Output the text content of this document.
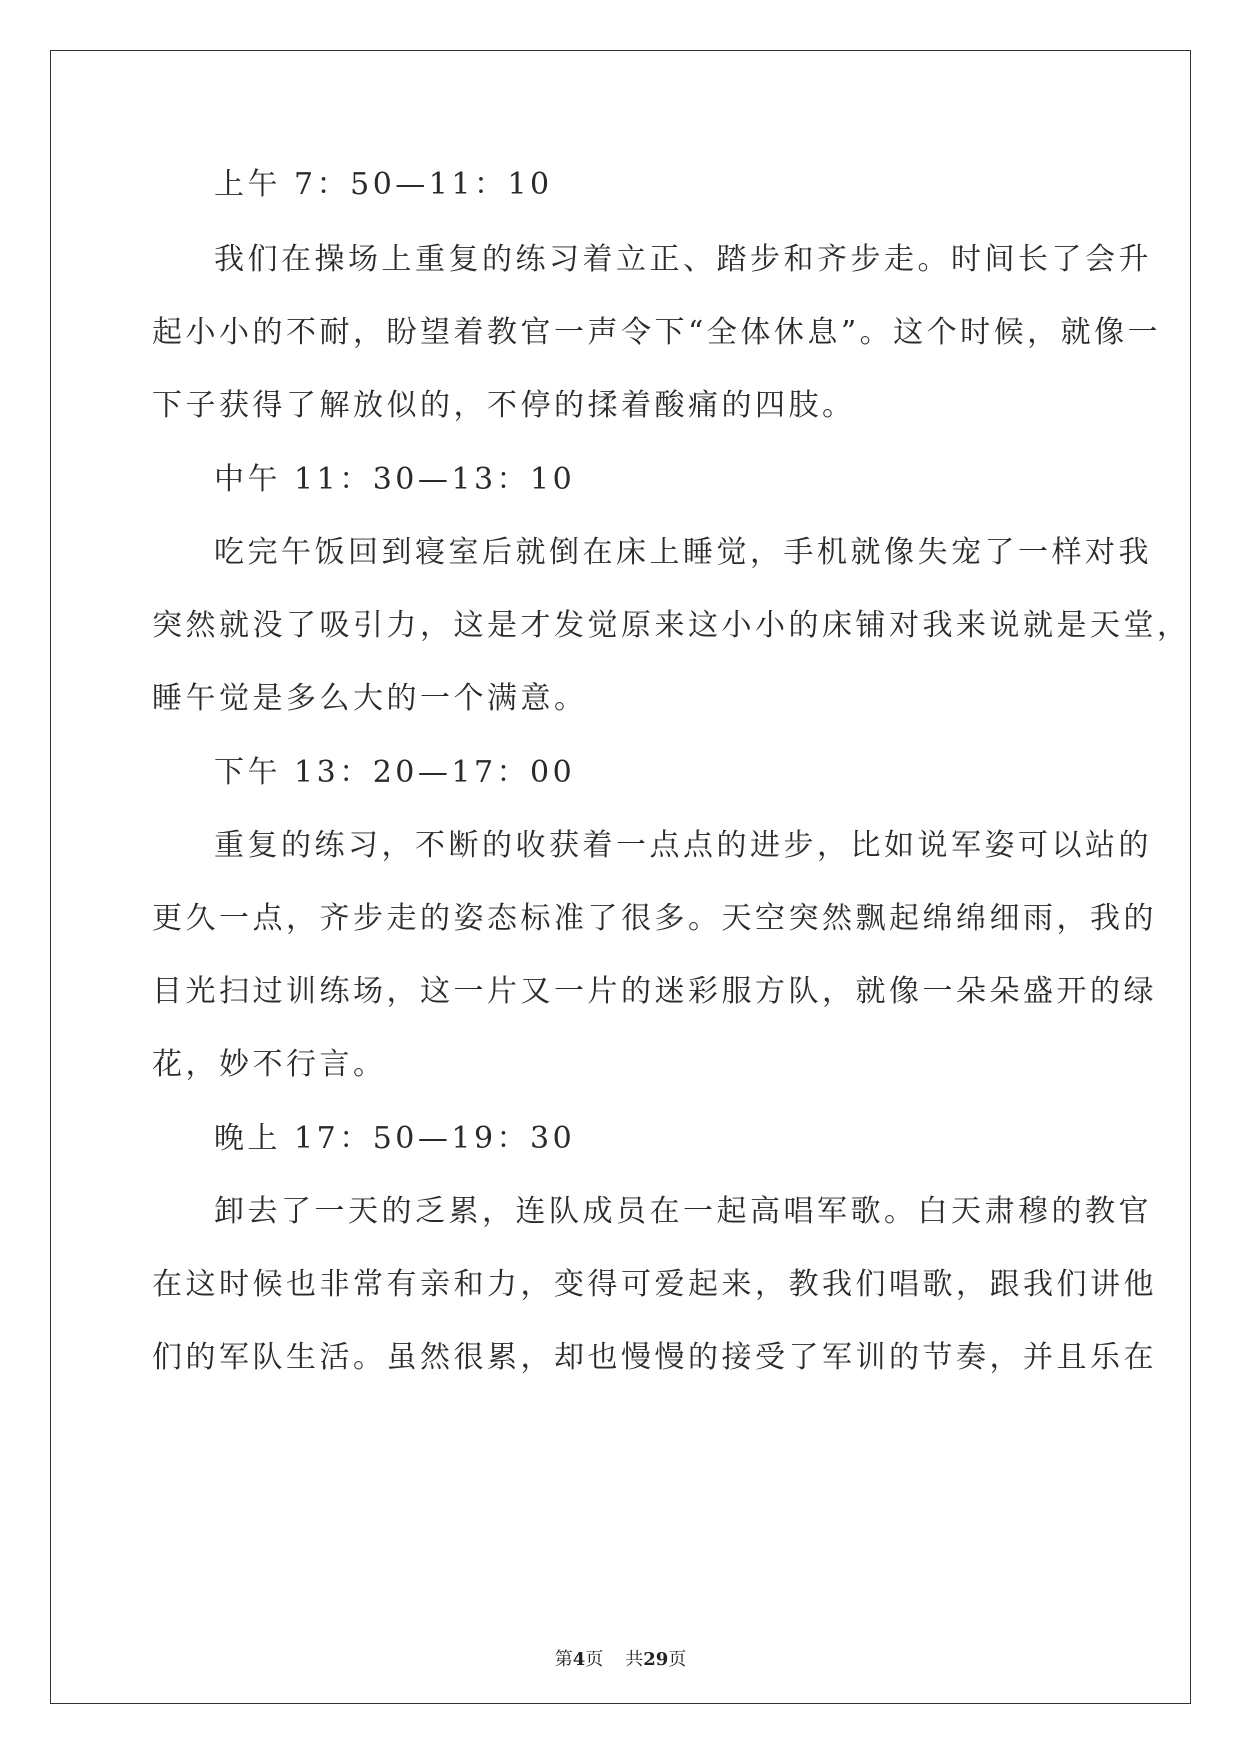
上午 7：50—11：10
我们在操场上重复的练习着立正、踏步和齐步走。时间长了会升
起小小的不耐，盼望着教官一声令下“全体休息”。这个时候，就像一
下子获得了解放似的，不停的揉着酸痛的四肢。
中午 11：30—13：10
吃完午饭回到寝室后就倒在床上睡觉，手机就像失宠了一样对我
突然就没了吸引力，这是才发觉原来这小小的床铺对我来说就是天堂，
睡午觉是多么大的一个满意。
下午 13：20—17：00
重复的练习，不断的收获着一点点的进步，比如说军姿可以站的
更久一点，齐步走的姿态标准了很多。天空突然飘起绵绵细雨，我的
目光扫过训练场，这一片又一片的迷彩服方队，就像一朵朵盛开的绿
花，妙不行言。
晚上 17：50—19：30
卸去了一天的乏累，连队成员在一起高唱军歌。白天肃穆的教官
在这时候也非常有亲和力，变得可爱起来，教我们唱歌，跟我们讲他
们的军队生活。虽然很累，却也慢慢的接受了军训的节奏，并且乐在
第4页 共29页
